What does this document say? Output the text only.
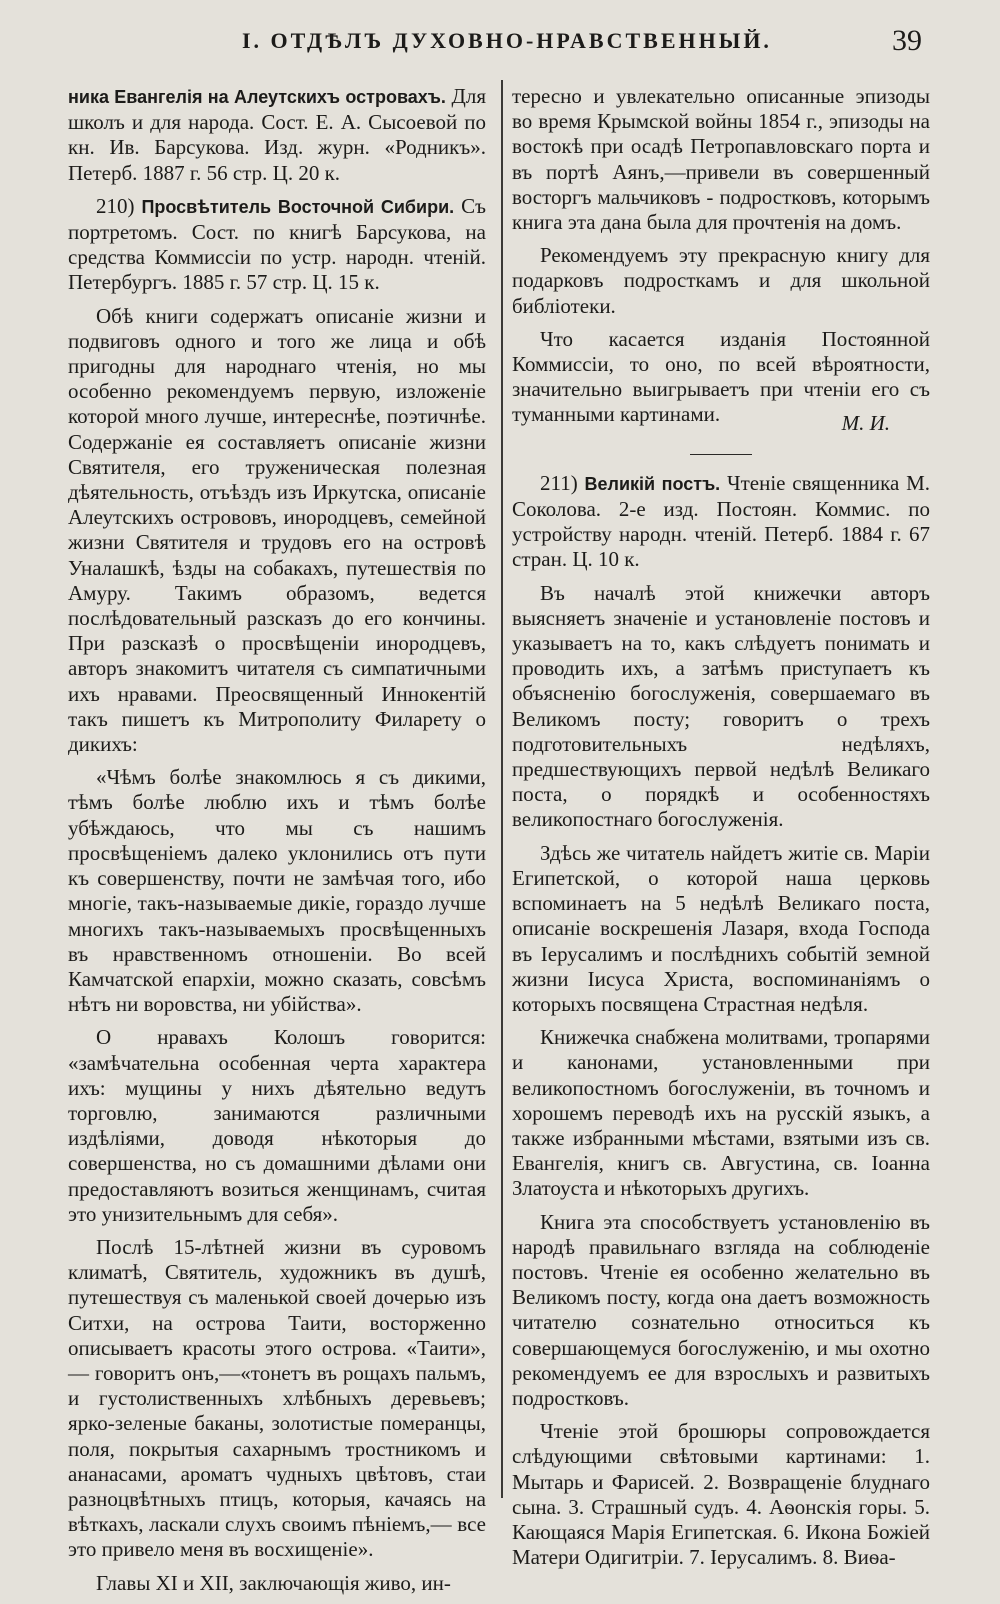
I. ОТДѢЛЪ ДУХОВНО-НРАВСТВЕННЫЙ.	39

ника Евангелія на Алеутскихъ островахъ. Для школъ и для народа. Сост. Е. А. Сысоевой по кн. Ив. Барсукова. Изд. журн. «Родникъ». Петерб. 1887 г. 56 стр. Ц. 20 к.

210) Просвѣтитель Восточной Сибири. Съ портретомъ. Сост. по книгѣ Барсукова, на средства Коммиссіи по устр. народн. чтеній. Петербургъ. 1885 г. 57 стр. Ц. 15 к.

Обѣ книги содержатъ описаніе жизни и подвиговъ одного и того же лица и обѣ пригодны для народнаго чтенія, но мы особенно рекомендуемъ первую, изложеніе которой много лучше, интереснѣе, поэтичнѣе. Содержаніе ея составляетъ описаніе жизни Святителя, его труженическая полезная дѣятельность, отъѣздъ изъ Иркутска, описаніе Алеутскихъ острововъ, инородцевъ, семейной жизни Святителя и трудовъ его на островѣ Уналашкѣ, ѣзды на собакахъ, путешествія по Амуру. Такимъ образомъ, ведется послѣдовательный разсказъ до его кончины. При разсказѣ о просвѣщеніи инородцевъ, авторъ знакомитъ читателя съ симпатичными ихъ нравами. Преосвященный Иннокентій такъ пишетъ къ Митрополиту Филарету о дикихъ:

«Чѣмъ болѣе знакомлюсь я съ дикими, тѣмъ болѣе люблю ихъ и тѣмъ болѣе убѣждаюсь, что мы съ нашимъ просвѣщеніемъ далеко уклонились отъ пути къ совершенству, почти не замѣчая того, ибо многіе, такъ-называемые дикіе, гораздо лучше многихъ такъ-называемыхъ просвѣщенныхъ въ нравственномъ отношеніи. Во всей Камчатской епархіи, можно сказать, совсѣмъ нѣтъ ни воровства, ни убійства».

О нравахъ Колошъ говорится: «замѣчательна особенная черта характера ихъ: мущины у нихъ дѣятельно ведутъ торговлю, занимаются различными издѣліями, доводя нѣкоторыя до совершенства, но съ домашними дѣлами они предоставляютъ возиться женщинамъ, считая это унизительнымъ для себя».

Послѣ 15-лѣтней жизни въ суровомъ климатѣ, Святитель, художникъ въ душѣ, путешествуя съ маленькой своей дочерью изъ Ситхи, на острова Таити, восторженно описываетъ красоты этого острова. «Таити»,— говоритъ онъ,—«тонетъ въ рощахъ пальмъ, и густолиственныхъ хлѣбныхъ деревьевъ; ярко-зеленые баканы, золотистые померанцы, поля, покрытыя сахарнымъ тростникомъ и ананасами, ароматъ чудныхъ цвѣтовъ, стаи разноцвѣтныхъ птицъ, которыя, качаясь на вѣткахъ, ласкали слухъ своимъ пѣніемъ,— все это привело меня въ восхищеніе».

Главы XI и XII, заключающія живо, ин-

тересно и увлекательно описанные эпизоды во время Крымской войны 1854 г., эпизоды на востокѣ при осадѣ Петропавловскаго порта и въ портѣ Аянъ,—привели въ совершенный восторгъ мальчиковъ - подростковъ, которымъ книга эта дана была для прочтенія на домъ.

Рекомендуемъ эту прекрасную книгу для подарковъ подросткамъ и для школьной библіотеки.

Что касается изданія Постоянной Коммиссіи, то оно, по всей вѣроятности, значительно выигрываетъ при чтеніи его съ туманными картинами.	М. И.

211) Великій постъ. Чтеніе священника М. Соколова. 2-е изд. Постоян. Коммис. по устройству народн. чтеній. Петерб. 1884 г. 67 стран. Ц. 10 к.

Въ началѣ этой книжечки авторъ выясняетъ значеніе и установленіе постовъ и указываетъ на то, какъ слѣдуетъ понимать и проводить ихъ, а затѣмъ приступаетъ къ объясненію богослуженія, совершаемаго въ Великомъ посту; говоритъ о трехъ подготовительныхъ недѣляхъ, предшествующихъ первой недѣлѣ Великаго поста, о порядкѣ и особенностяхъ великопостнаго богослуженія.

Здѣсь же читатель найдетъ житіе св. Маріи Египетской, о которой наша церковь вспоминаетъ на 5 недѣлѣ Великаго поста, описаніе воскрешенія Лазаря, входа Господа въ Іерусалимъ и послѣднихъ событій земной жизни Іисуса Христа, воспоминаніямъ о которыхъ посвящена Страстная недѣля.

Книжечка снабжена молитвами, тропарями и канонами, установленными при великопостномъ богослуженіи, въ точномъ и хорошемъ переводѣ ихъ на русскій языкъ, а также избранными мѣстами, взятыми изъ св. Евангелія, книгъ св. Августина, св. Іоанна Златоуста и нѣкоторыхъ другихъ.

Книга эта способствуетъ установленію въ народѣ правильнаго взгляда на соблюденіе постовъ. Чтеніе ея особенно желательно въ Великомъ посту, когда она даетъ возможность читателю сознательно относиться къ совершающемуся богослуженію, и мы охотно рекомендуемъ ее для взрослыхъ и развитыхъ подростковъ.

Чтеніе этой брошюры сопровождается слѣдующими свѣтовыми картинами: 1. Мытарь и Фарисей. 2. Возвращеніе блуднаго сына. 3. Страшный судъ. 4. Аѳонскія горы. 5. Кающаяся Марія Египетская. 6. Икона Божіей Матери Одигитріи. 7. Іерусалимъ. 8. Виѳа-
